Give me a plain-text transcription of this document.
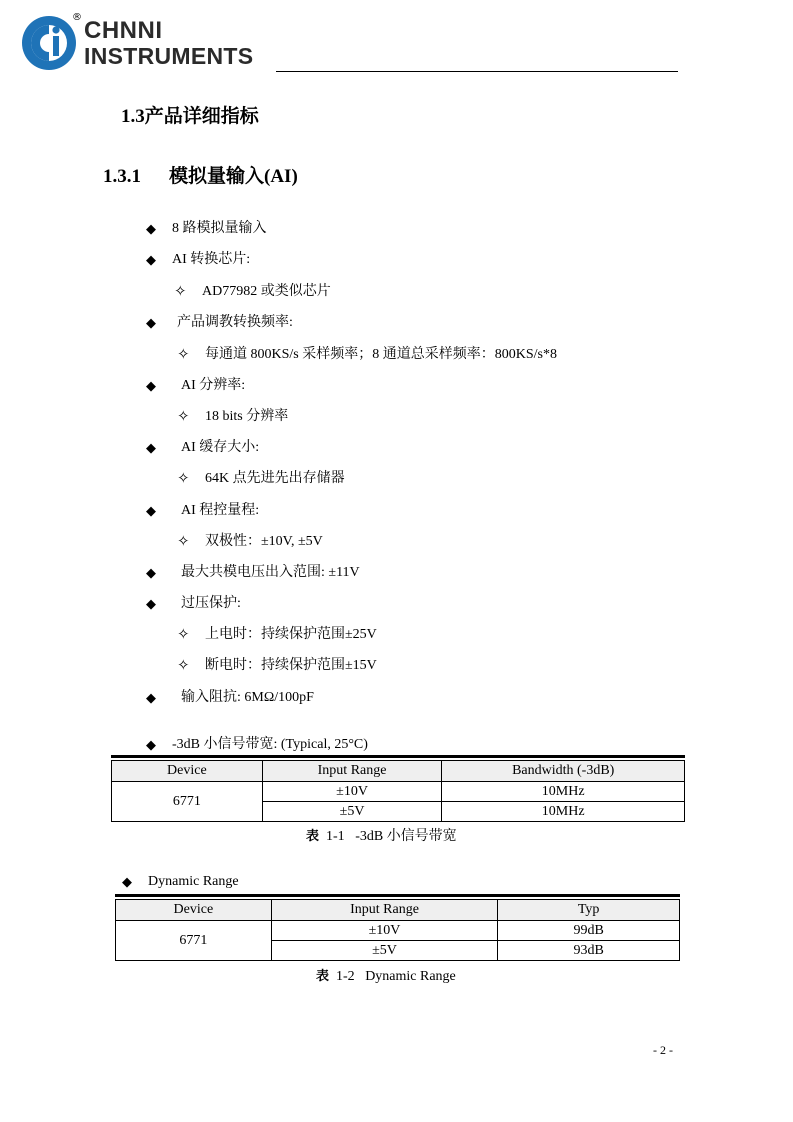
® CHNNI
INSTRUMENTS
1.3产品详细指标
1.3.1 模拟量输入(AI)
◆ 8 路模拟量输入
◆ AI 转换芯片:
✧ AD77982 或类似芯片
◆ 产品调教转换频率:
✧ 每通道 800KS/s 采样频率；8 通道总采样频率：800KS/s*8
◆ AI 分辨率:
✧ 18 bits 分辨率
◆ AI 缓存大小:
✧ 64K 点先进先出存储器
◆ AI 程控量程:
✧ 双极性：±10V, ±5V
◆ 最大共模电压出入范围: ±11V
◆ 过压保护:
✧ 上电时：持续保护范围±25V
✧ 断电时：持续保护范围±15V
◆ 输入阻抗: 6MΩ/100pF
◆ -3dB 小信号带宽: (Typical, 25°C)
Device	Input Range	Bandwidth (-3dB)
6771	±10V	10MHz
	±5V	10MHz
表 1-1 -3dB 小信号带宽
◆ Dynamic Range
Device	Input Range	Typ
6771	±10V	99dB
	±5V	93dB
表 1-2 Dynamic Range
- 2 -
